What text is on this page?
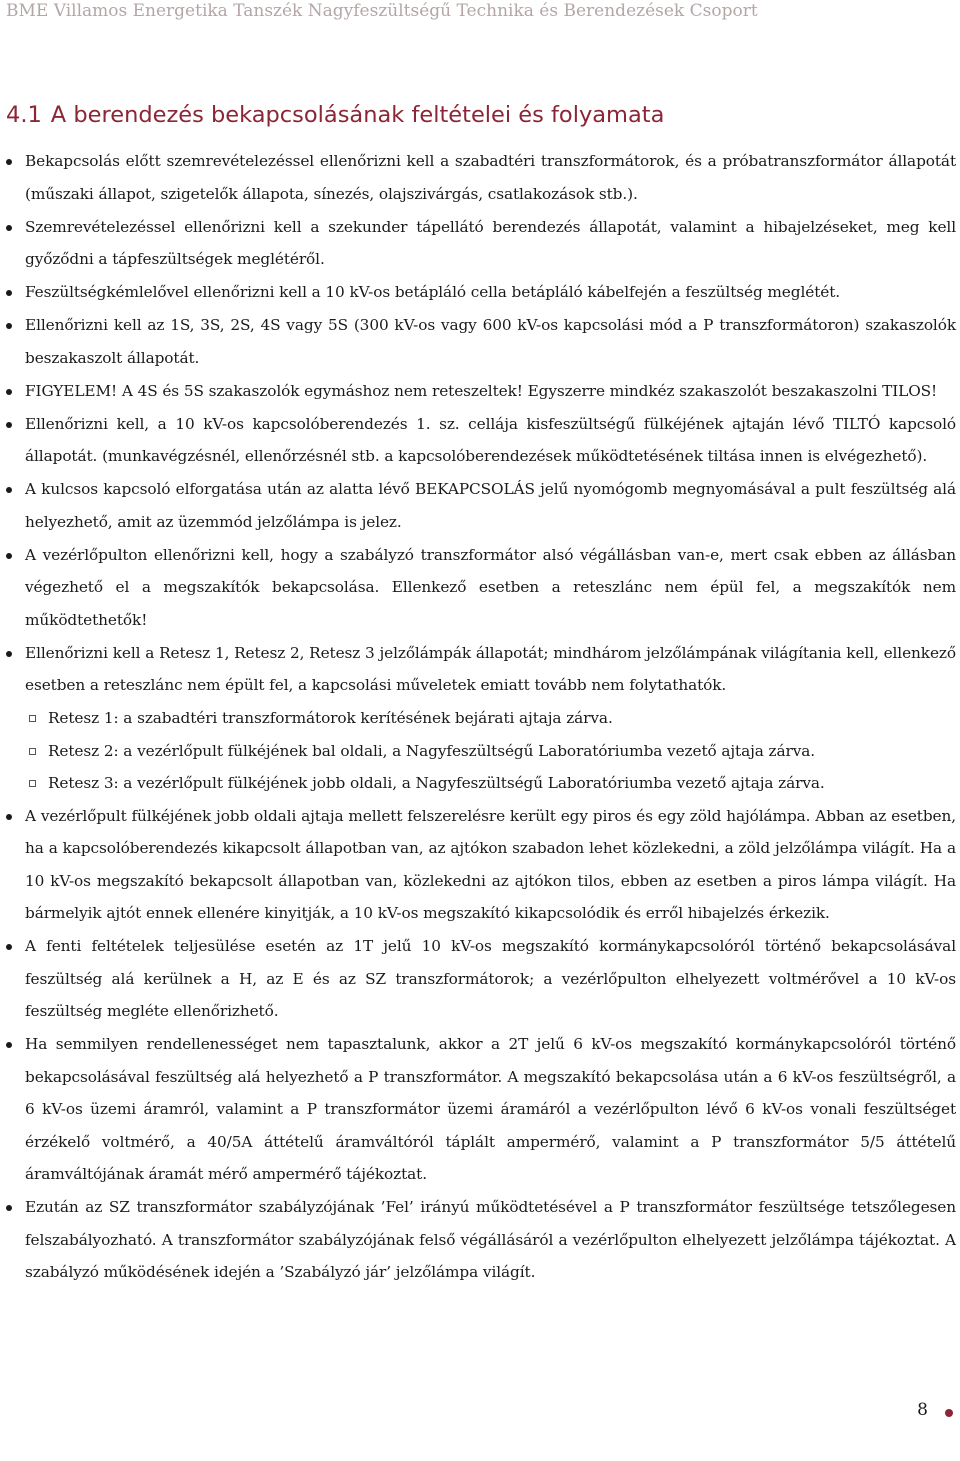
BME Villamos Energetika Tanszék Nagyfeszültségű Technika és Berendezések Csoport
4.1 A berendezés bekapcsolásának feltételei és folyamata
Bekapcsolás előtt szemrevételezéssel ellenőrizni kell a szabadtéri transzformátorok, és a próbatranszformátor állapotát (műszaki állapot, szigetelők állapota, sínezés, olajszivárgás, csatlakozások stb.).
Szemrevételezéssel ellenőrizni kell a szekunder tápellátó berendezés állapotát, valamint a hibajelzéseket, meg kell győződni a tápfeszültségek meglétéről.
Feszültségkémlelővel ellenőrizni kell a 10 kV-os betápláló cella betápláló kábelfején a feszültség meglétét.
Ellenőrizni kell az 1S, 3S, 2S, 4S vagy 5S (300 kV-os vagy 600 kV-os kapcsolási mód a P transzformátoron) szakaszolók beszakaszolt állapotát.
FIGYELEM! A 4S és 5S szakaszolók egymáshoz nem reteszeltek! Egyszerre mindkéz szakaszolót beszakaszolni TILOS!
Ellenőrizni kell, a 10 kV-os kapcsolóberendezés 1. sz. cellája kisfeszültségű fülkéjének ajtaján lévő TILTÓ kapcsoló állapotát. (munkavégzésnél, ellenőrzésnél stb. a kapcsolóberendezések működtetésének tiltása innen is elvégezhető).
A kulcsos kapcsoló elforgatása után az alatta lévő BEKAPCSOLÁS jelű nyomógomb megnyomásával a pult feszültség alá helyezhető, amit az üzemmód jelzőlámpa is jelez.
A vezérlőpulton ellenőrizni kell, hogy a szabályzó transzformátor alsó végállásban van-e, mert csak ebben az állásban végezhető el a megszakítók bekapcsolása. Ellenkező esetben a reteszlánc nem épül fel, a megszakítók nem működtethetők!
Ellenőrizni kell a Retesz 1, Retesz 2, Retesz 3 jelzőlámpák állapotát; mindhárom jelzőlámpának világítania kell, ellenkező esetben a reteszlánc nem épült fel, a kapcsolási műveletek emiatt tovább nem folytathatók.
Retesz 1: a szabadtéri transzformátorok kerítésének bejárati ajtaja zárva.
Retesz 2: a vezérlőpult fülkéjének bal oldali, a Nagyfeszültségű Laboratóriumba vezető ajtaja zárva.
Retesz 3: a vezérlőpult fülkéjének jobb oldali, a Nagyfeszültségű Laboratóriumba vezető ajtaja zárva.
A vezérlőpult fülkéjének jobb oldali ajtaja mellett felszerelésre került egy piros és egy zöld hajólámpa. Abban az esetben, ha a kapcsolóberendezés kikapcsolt állapotban van, az ajtókon szabadon lehet közlekedni, a zöld jelzőlámpa világít. Ha a 10 kV-os megszakító bekapcsolt állapotban van, közlekedni az ajtókon tilos, ebben az esetben a piros lámpa világít. Ha bármelyik ajtót ennek ellenére kinyitják, a 10 kV-os megszakító kikapcsolódik és erről hibajelzés érkezik.
A fenti feltételek teljesülése esetén az 1T jelű 10 kV-os megszakító kormánykapcsolóról történő bekapcsolásával feszültség alá kerülnek a H, az E és az SZ transzformátorok; a vezérlőpulton elhelyezett voltmérővel a 10 kV-os feszültség megléte ellenőrizhető.
Ha semmilyen rendellenességet nem tapasztalunk, akkor a 2T jelű 6 kV-os megszakító kormánykapcsolóról történő bekapcsolásával feszültség alá helyezhető a P transzformátor. A megszakító bekapcsolása után a 6 kV-os feszültségről, a 6 kV-os üzemi áramról, valamint a P transzformátor üzemi áramáról a vezérlőpulton lévő 6 kV-os vonali feszültséget érzékelő voltmérő, a 40/5A áttételű áramváltóról táplált ampermérő, valamint a P transzformátor 5/5 áttételű áramváltójának áramát mérő ampermérő tájékoztat.
Ezután az SZ transzformátor szabályzójának ’Fel’ irányú működtetésével a P transzformátor feszültsége tetszőlegesen felszabályozható. A transzformátor szabályzójának felső végállásáról a vezérlőpulton elhelyezett jelzőlámpa tájékoztat. A szabályzó működésének idején a ’Szabályzó jár’ jelzőlámpa világít.
8
